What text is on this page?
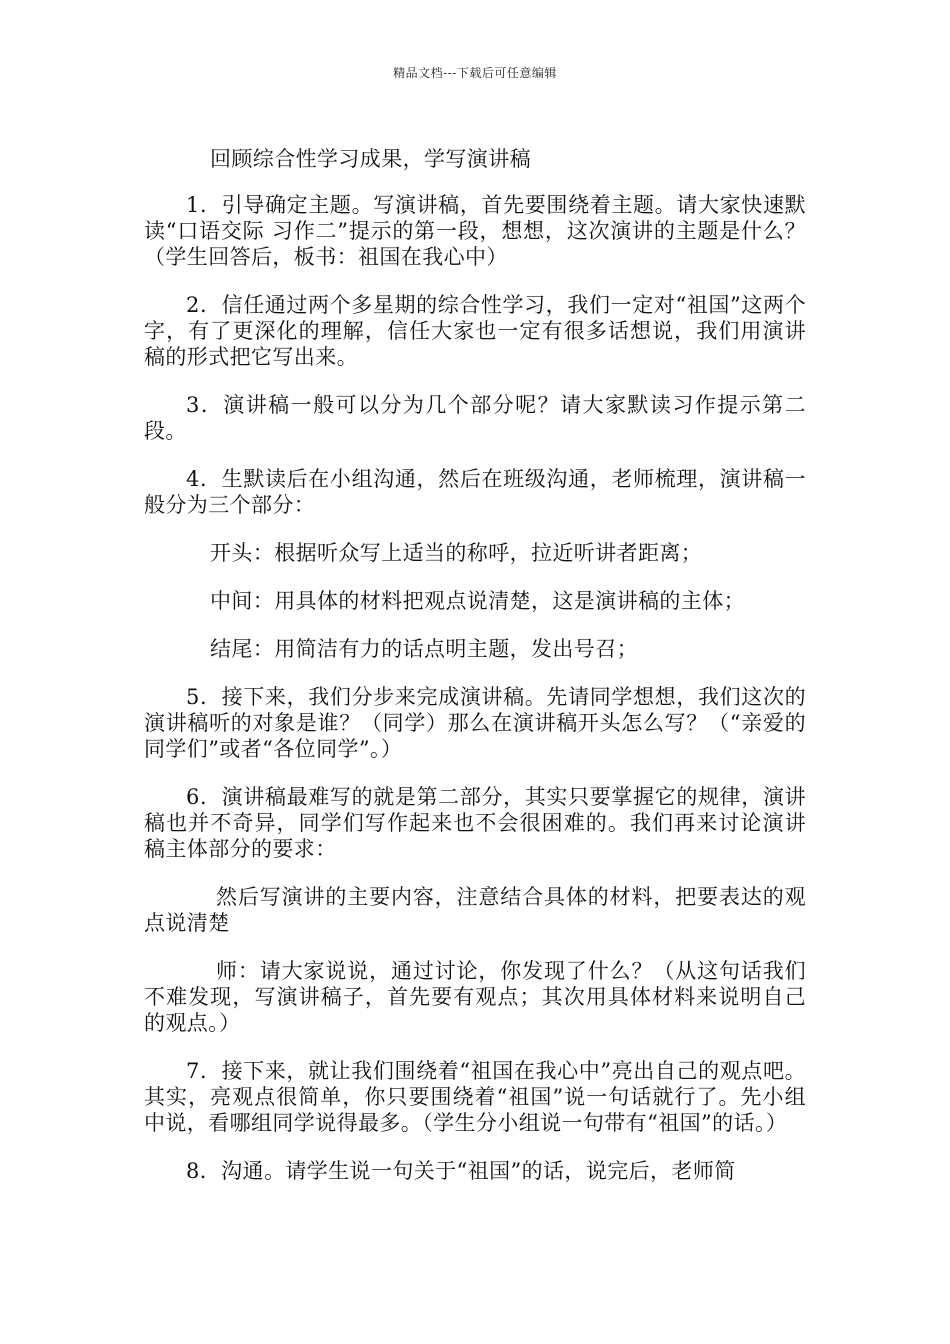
精品文档---下载后可任意编辑

回顾综合性学习成果，学写演讲稿

1．引导确定主题。写演讲稿，首先要围绕着主题。请大家快速默读“口语交际 习作二”提示的第一段，想想，这次演讲的主题是什么？（学生回答后，板书：祖国在我心中）

2．信任通过两个多星期的综合性学习，我们一定对“祖国”这两个字，有了更深化的理解，信任大家也一定有很多话想说，我们用演讲稿的形式把它写出来。

3．演讲稿一般可以分为几个部分呢？请大家默读习作提示第二段。

4．生默读后在小组沟通，然后在班级沟通，老师梳理，演讲稿一般分为三个部分：

开头：根据听众写上适当的称呼，拉近听讲者距离；

中间：用具体的材料把观点说清楚，这是演讲稿的主体；

结尾：用简洁有力的话点明主题，发出号召；

5．接下来，我们分步来完成演讲稿。先请同学想想，我们这次的演讲稿听的对象是谁？（同学）那么在演讲稿开头怎么写？（“亲爱的同学们”或者“各位同学”。）

6．演讲稿最难写的就是第二部分，其实只要掌握它的规律，演讲稿也并不奇异，同学们写作起来也不会很困难的。我们再来讨论演讲稿主体部分的要求：

然后写演讲的主要内容，注意结合具体的材料，把要表达的观点说清楚

师：请大家说说，通过讨论，你发现了什么？（从这句话我们不难发现，写演讲稿子，首先要有观点；其次用具体材料来说明自己的观点。）

7．接下来，就让我们围绕着“祖国在我心中”亮出自己的观点吧。其实，亮观点很简单，你只要围绕着“祖国”说一句话就行了。先小组中说，看哪组同学说得最多。（学生分小组说一句带有“祖国”的话。）

8．沟通。请学生说一句关于“祖国”的话，说完后，老师简
